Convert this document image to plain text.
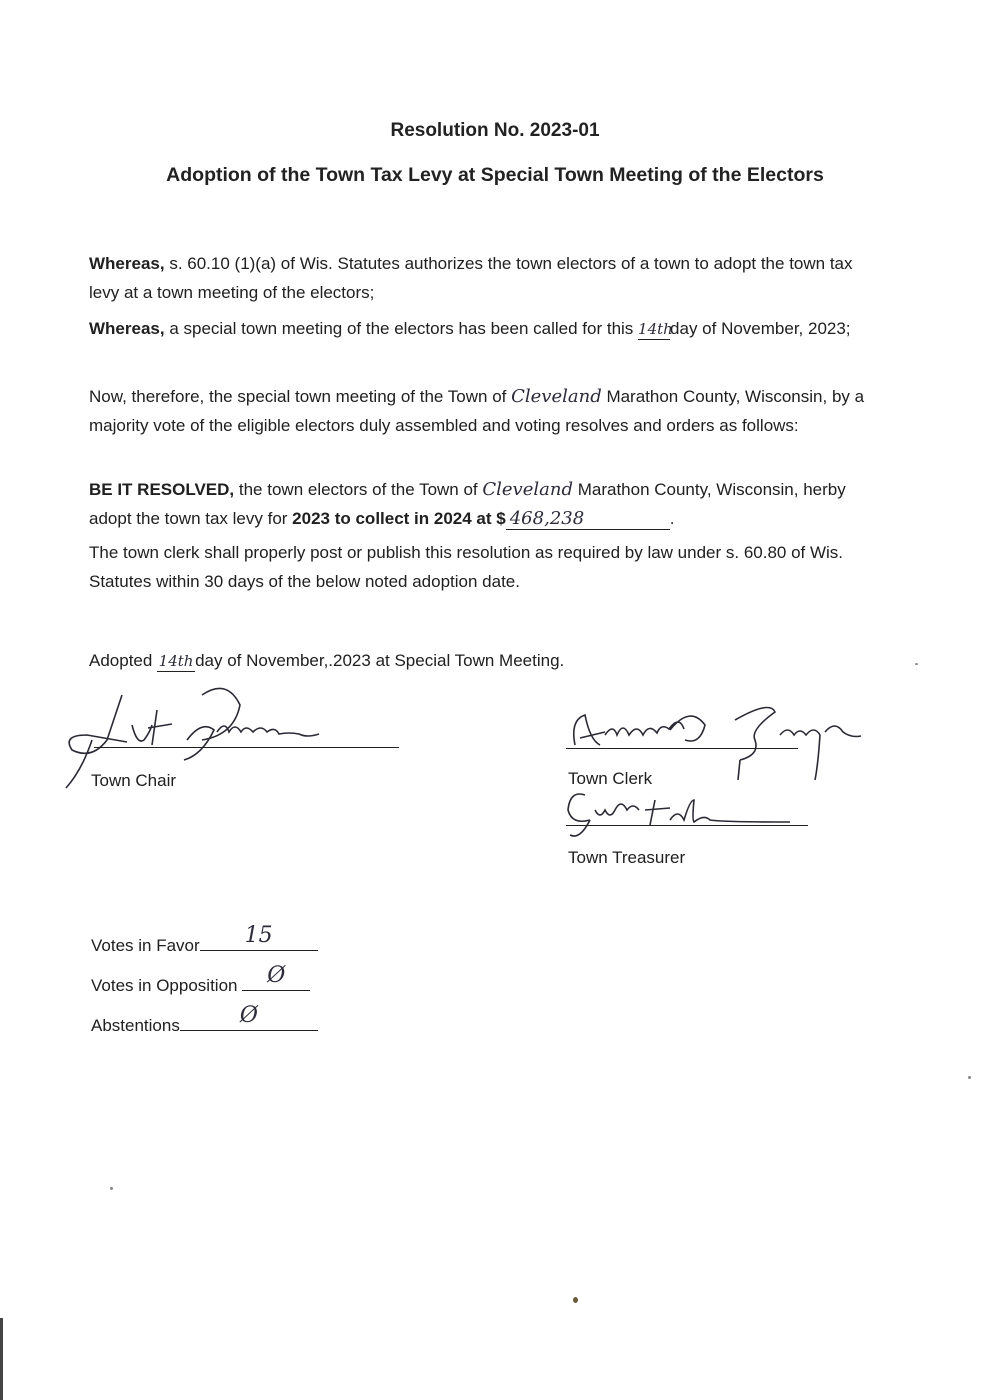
Resolution No. 2023-01
Adoption of the Town Tax Levy at Special Town Meeting of the Electors
Whereas, s. 60.10 (1)(a) of Wis. Statutes authorizes the town electors of a town to adopt the town tax levy at a town meeting of the electors;
Whereas, a special town meeting of the electors has been called for this 14thday of November, 2023;
Now, therefore, the special town meeting of the Town of Cleveland Marathon County, Wisconsin, by a majority vote of the eligible electors duly assembled and voting resolves and orders as follows:
BE IT RESOLVED, the town electors of the Town of Cleveland Marathon County, Wisconsin, herby adopt the town tax levy for 2023 to collect in 2024 at $ 468,238	.
The town clerk shall properly post or publish this resolution as required by law under s. 60.80 of Wis. Statutes within 30 days of the below noted adoption date.
Adopted 14thday of November,.2023 at Special Town Meeting.
Town Chair	Town Clerk
Town Treasurer
Votes in Favor	15
Votes in Opposition	Ø
Abstentions	Ø
